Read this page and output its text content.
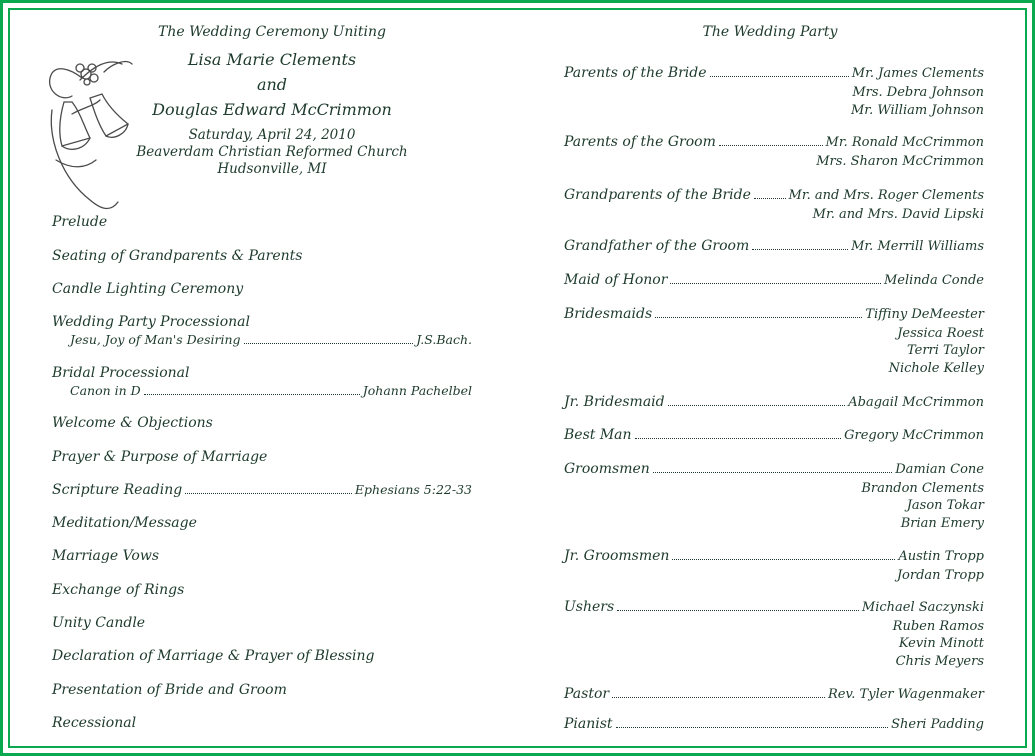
The Wedding Ceremony Uniting
Lisa Marie Clements
and
Douglas Edward McCrimmon
Saturday, April 24, 2010
Beaverdam Christian Reformed Church
Hudsonville, MI
Prelude
Seating of Grandparents & Parents
Candle Lighting Ceremony
Wedding Party Processional
Jesu, Joy of Man's Desiring	J.S.Bach.
Bridal Processional
Canon in D	Johann Pachelbel
Welcome & Objections
Prayer & Purpose of Marriage
Scripture Reading	Ephesians 5:22-33
Meditation/Message
Marriage Vows
Exchange of Rings
Unity Candle
Declaration of Marriage & Prayer of Blessing
Presentation of Bride and Groom
Recessional
The Wedding Party
Parents of the Bride	Mr. James Clements
Mrs. Debra Johnson
Mr. William Johnson
Parents of the Groom	Mr. Ronald McCrimmon
Mrs. Sharon McCrimmon
Grandparents of the Bride	Mr. and Mrs. Roger Clements
Mr. and Mrs. David Lipski
Grandfather of the Groom	Mr. Merrill Williams
Maid of Honor	Melinda Conde
Bridesmaids	Tiffiny DeMeester
Jessica Roest
Terri Taylor
Nichole Kelley
Jr. Bridesmaid	Abagail McCrimmon
Best Man	Gregory McCrimmon
Groomsmen	Damian Cone
Brandon Clements
Jason Tokar
Brian Emery
Jr. Groomsmen	Austin Tropp
Jordan Tropp
Ushers	Michael Saczynski
Ruben Ramos
Kevin Minott
Chris Meyers
Pastor	Rev. Tyler Wagenmaker
Pianist	Sheri Padding
